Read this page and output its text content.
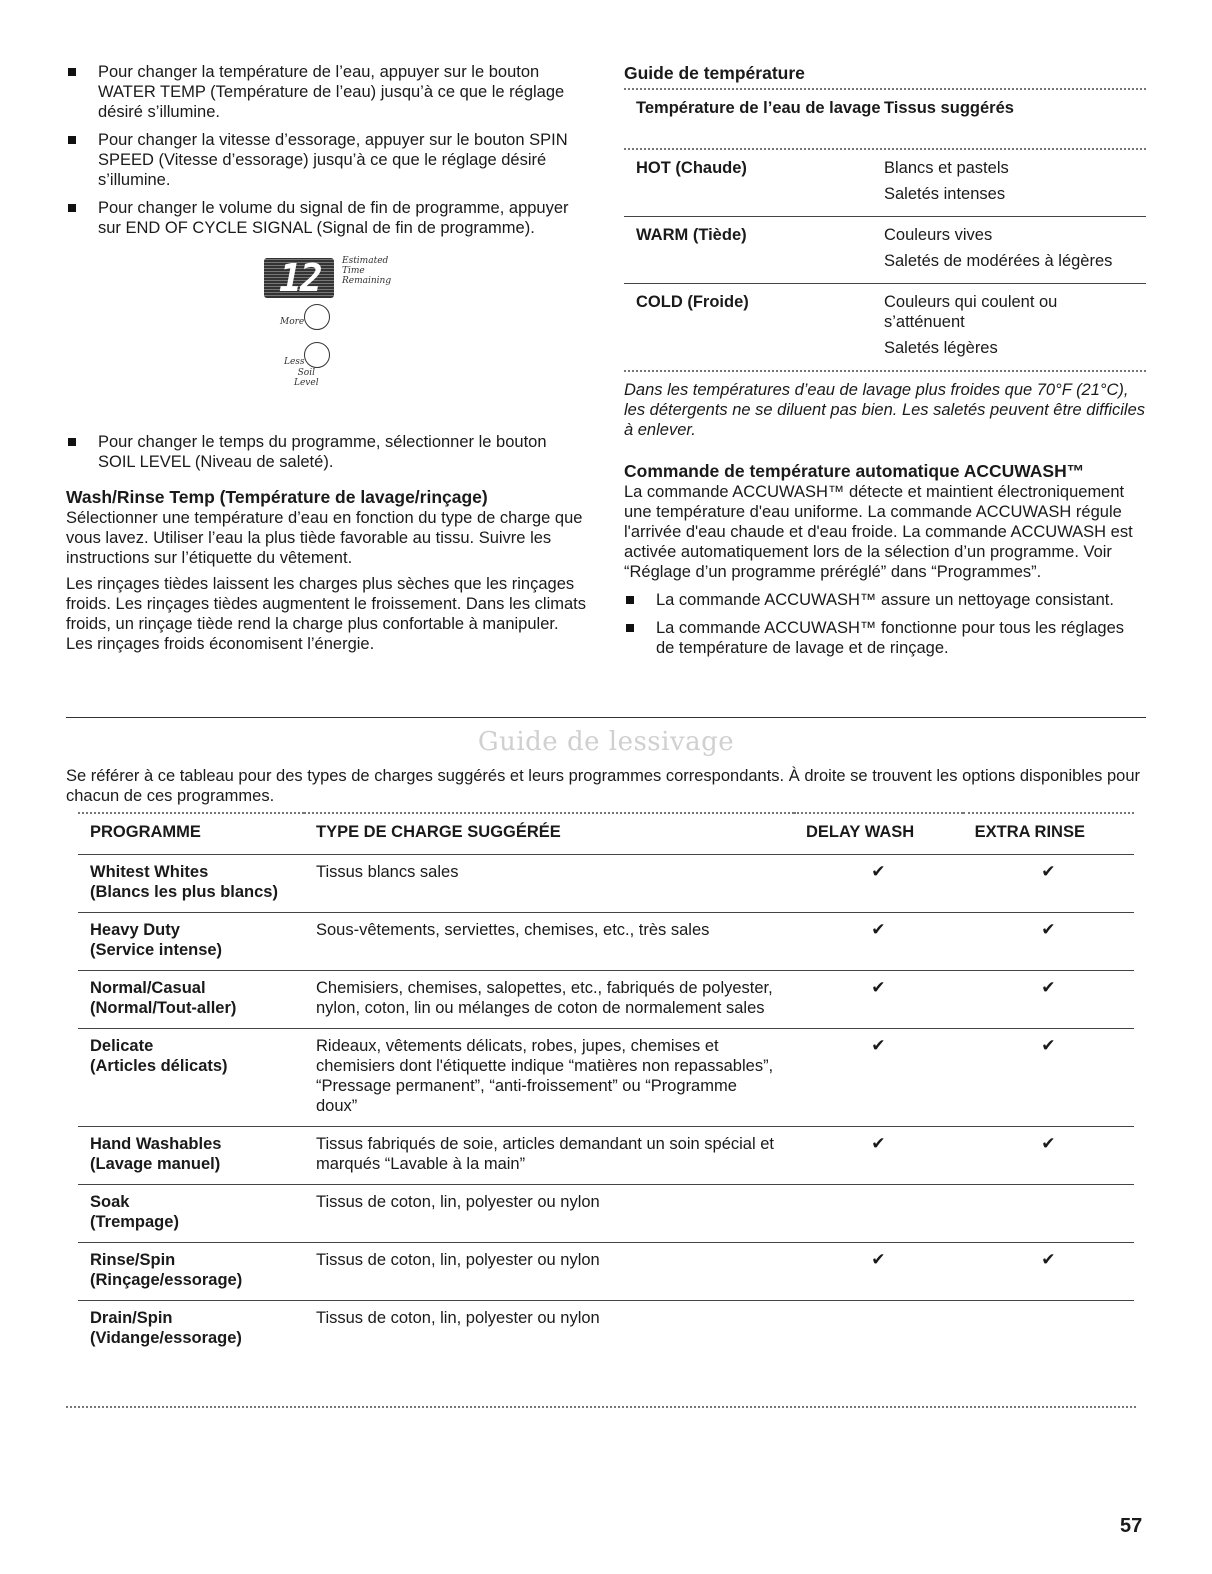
Pour changer la température de l’eau, appuyer sur le bouton WATER TEMP (Température de l’eau) jusqu’à ce que le réglage désiré s’illumine.
Pour changer la vitesse d’essorage, appuyer sur le bouton SPIN SPEED (Vitesse d’essorage) jusqu’à ce que le réglage désiré s’illumine.
Pour changer le volume du signal de fin de programme, appuyer sur END OF CYCLE SIGNAL (Signal de fin de programme).
12 Estimated
Time
Remaining
More
Less
Soil
Level
Pour changer le temps du programme, sélectionner le bouton SOIL LEVEL (Niveau de saleté).
Wash/Rinse Temp (Température de lavage/rinçage)

Sélectionner une température d’eau en fonction du type de charge que vous lavez. Utiliser l’eau la plus tiède favorable au tissu. Suivre les instructions sur l’étiquette du vêtement.

Les rinçages tièdes laissent les charges plus sèches que les rinçages froids. Les rinçages tièdes augmentent le froissement. Dans les climats froids, un rinçage tiède rend la charge plus confortable à manipuler. Les rinçages froids économisent l’énergie.

Guide de température
Température de l’eau de lavage Tissus suggérés
HOT (Chaude)	Blancs et pastels
Saletés intenses
WARM (Tiède)	Couleurs vives
Saletés de modérées à légères
COLD (Froide)	Couleurs qui coulent ou s’atténuent
Saletés légères

Dans les températures d’eau de lavage plus froides que 70°F (21°C), les détergents ne se diluent pas bien. Les saletés peuvent être difficiles à enlever.

Commande de température automatique ACCUWASH™

La commande ACCUWASH™ détecte et maintient électroniquement une température d'eau uniforme. La commande ACCUWASH régule l'arrivée d'eau chaude et d'eau froide. La commande ACCUWASH est activée automatiquement lors de la sélection d’un programme. Voir “Réglage d’un programme préréglé” dans “Programmes”.

La commande ACCUWASH™ assure un nettoyage consistant.
La commande ACCUWASH™ fonctionne pour tous les réglages de température de lavage et de rinçage.
Guide de lessivage

Se référer à ce tableau pour des types de charges suggérés et leurs programmes correspondants. À droite se trouvent les options disponibles pour chacun de ces programmes.

PROGRAMME	TYPE DE CHARGE SUGGÉRÉE	DELAY WASH	EXTRA RINSE

Whitest Whites
(Blancs les plus blancs)	Tissus blancs sales	✔	✔

Heavy Duty
(Service intense)	Sous-vêtements, serviettes, chemises, etc., très sales	✔	✔

Normal/Casual
(Normal/Tout-aller)	Chemisiers, chemises, salopettes, etc., fabriqués de polyester, nylon, coton, lin ou mélanges de coton de normalement sales	✔	✔

Delicate
(Articles délicats)	Rideaux, vêtements délicats, robes, jupes, chemises et chemisiers dont l'étiquette indique “matières non repassables”, “Pressage permanent”, “anti-froissement” ou “Programme doux”	✔	✔

Hand Washables
(Lavage manuel)	Tissus fabriqués de soie, articles demandant un soin spécial et marqués “Lavable à la main”	✔	✔

Soak
(Trempage)	Tissus de coton, lin, polyester ou nylon		

Rinse/Spin
(Rinçage/essorage)	Tissus de coton, lin, polyester ou nylon	✔	✔

Drain/Spin
(Vidange/essorage)	Tissus de coton, lin, polyester ou nylon		
57
